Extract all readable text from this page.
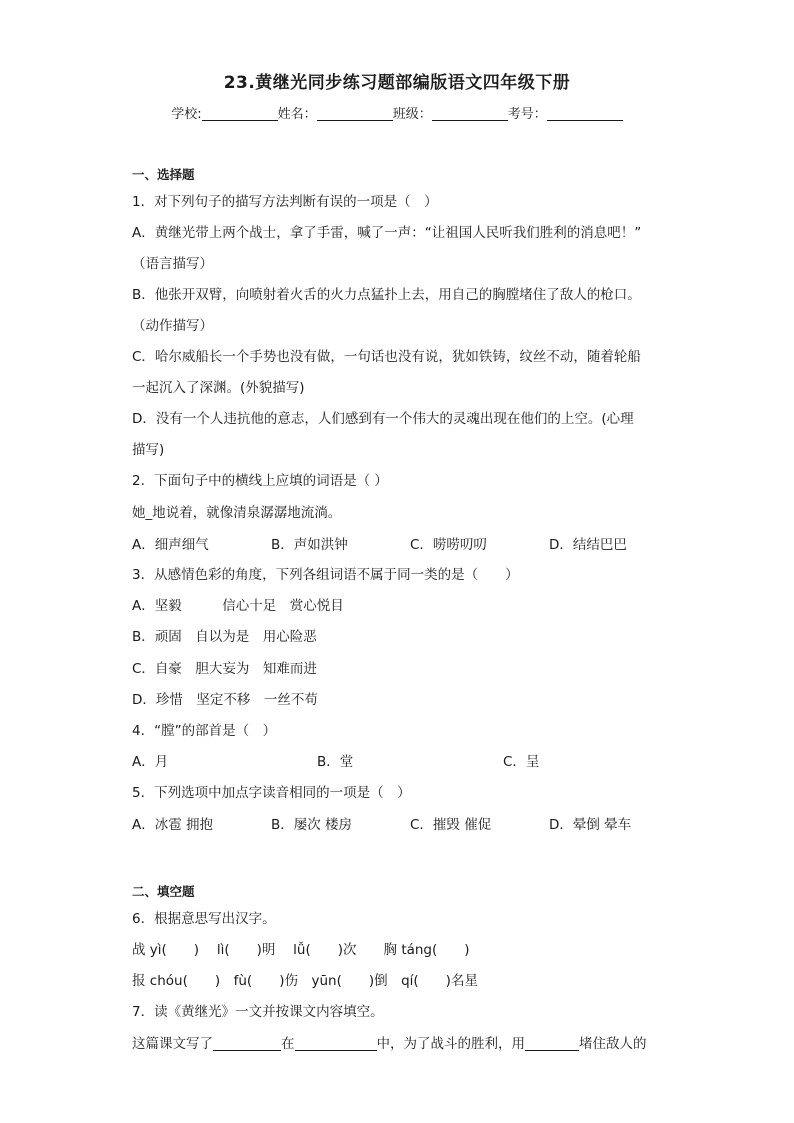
23.黄继光同步练习题部编版语文四年级下册
学校:	姓名：	班级：	考号：
一、选择题
1．对下列句子的描写方法判断有误的一项是（　）
A．黄继光带上两个战士，拿了手雷，喊了一声：“让祖国人民听我们胜利的消息吧！”
（语言描写）
B．他张开双臂，向喷射着火舌的火力点猛扑上去，用自己的胸膛堵住了敌人的枪口。
（动作描写）
C．哈尔威船长一个手势也没有做，一句话也没有说，犹如铁铸，纹丝不动，随着轮船
一起沉入了深渊。(外貌描写)
D．没有一个人违抗他的意志，人们感到有一个伟大的灵魂出现在他们的上空。(心理
描写)
2．下面句子中的横线上应填的词语是（ ）
她_地说着，就像清泉潺潺地流淌。
A．细声细气	B．声如洪钟	C．唠唠叨叨	D．结结巴巴
3．从感情色彩的角度，下列各组词语不属于同一类的是（　　）
A．坚毅　　　信心十足　赏心悦目
B．顽固　自以为是　用心险恶
C．自豪　胆大妄为　知难而进
D．珍惜　坚定不移　一丝不苟
4．“膛”的部首是（　）
A．月	B．堂	C．呈
5．下列选项中加点字读音相同的一项是（　）
A．冰雹 拥抱	B．屡次 楼房	C．摧毁 催促	D．晕倒 晕车
二、填空题
6．根据意思写出汉字。
战 yì(　　)　 lì(　　)明　 lǚ(　　)次　　胸 táng(　　)
报 chóu(　　)　fù(　　)伤　yūn(　　)倒　qí(　　)名星
7．读《黄继光》一文并按课文内容填空。
这篇课文写了	在	中，为了战斗的胜利，用	堵住敌人的
